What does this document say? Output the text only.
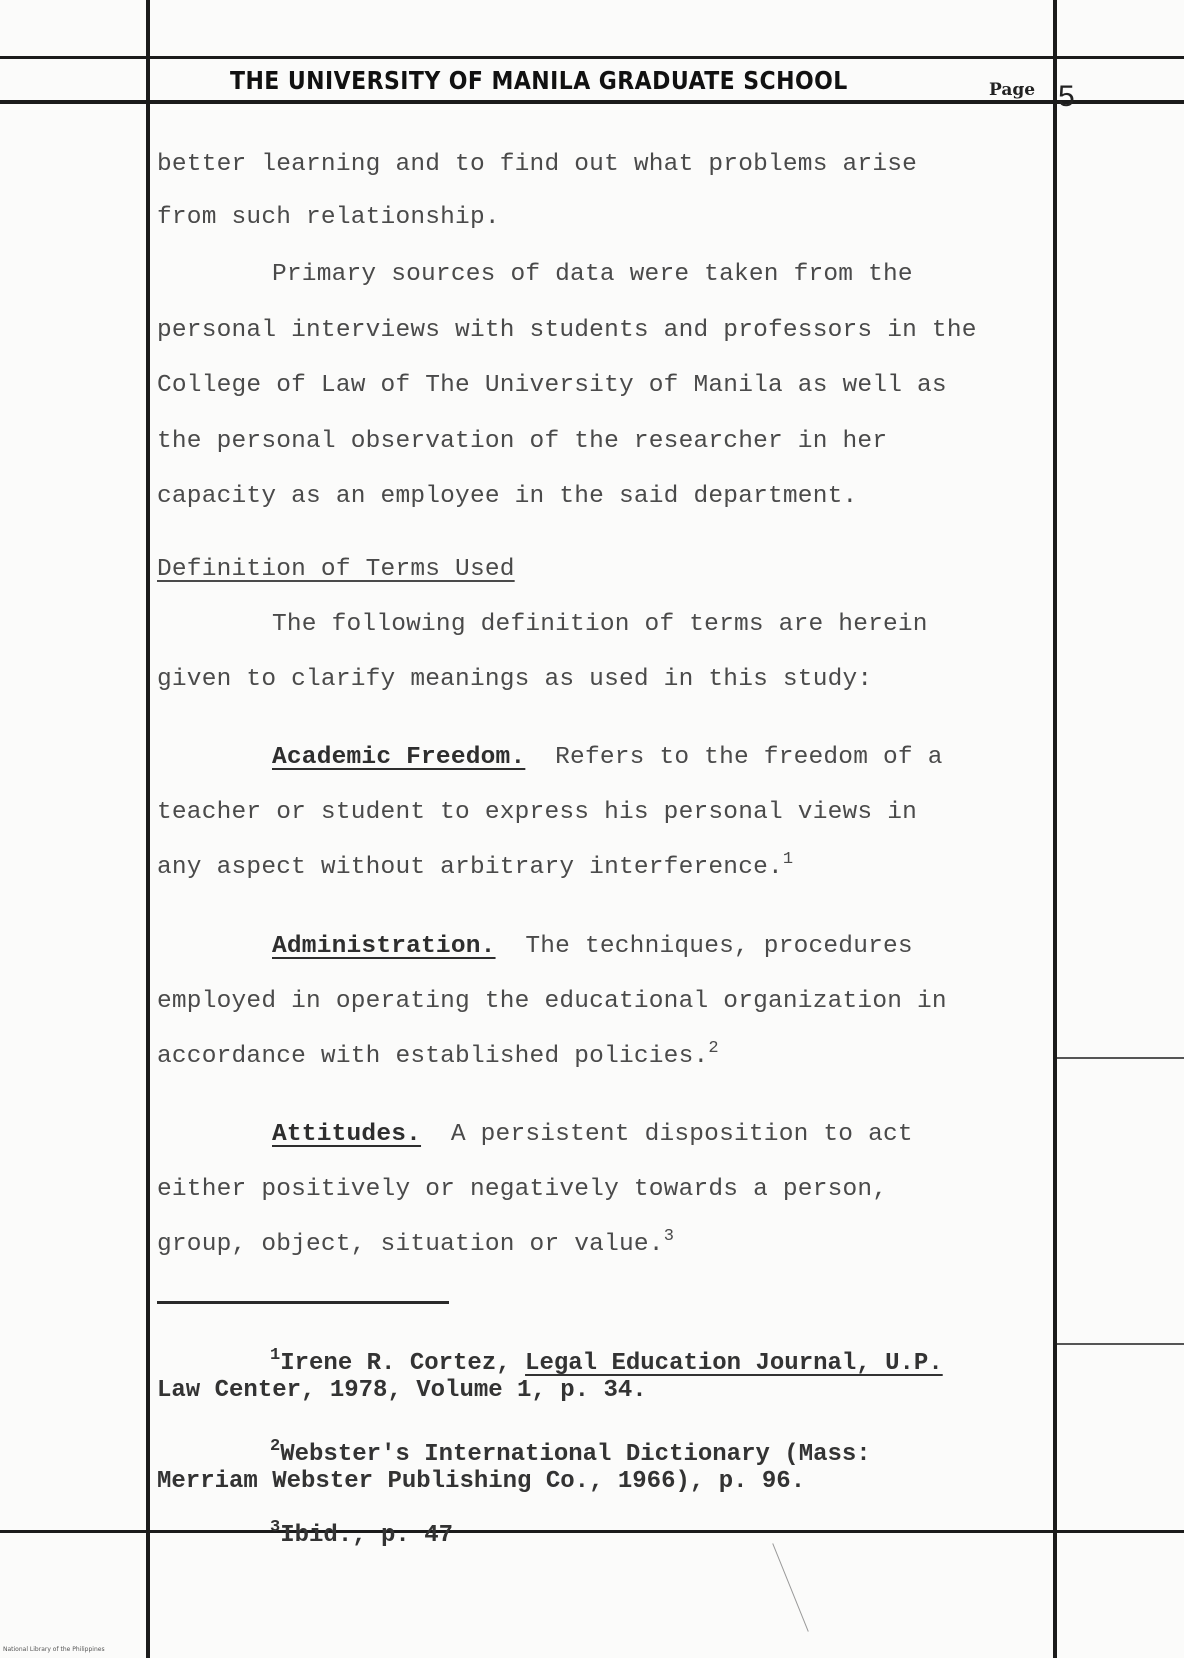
THE UNIVERSITY OF MANILA GRADUATE SCHOOL	Page 5
better learning and to find out what problems arise
from such relationship.
Primary sources of data were taken from the
personal interviews with students and professors in the
College of Law of The University of Manila as well as
the personal observation of the researcher in her
capacity as an employee in the said department.
Definition of Terms Used
The following definition of terms are herein
given to clarify meanings as used in this study:
Academic Freedom. Refers to the freedom of a
teacher or student to express his personal views in
any aspect without arbitrary interference.$^1$
Administration. The techniques, procedures
employed in operating the educational organization in
accordance with established policies.$^2$
Attitudes. A persistent disposition to act
either positively or negatively towards a person,
group, object, situation or value.$^3$
$^1$Irene R. Cortez, Legal Education Journal, U.P.
Law Center, 1978, Volume 1, p. 34.
$^2$Webster's International Dictionary (Mass:
Merriam Webster Publishing Co., 1966), p. 96.
$^3$Ibid., p. 47
National Library of the Philippines
